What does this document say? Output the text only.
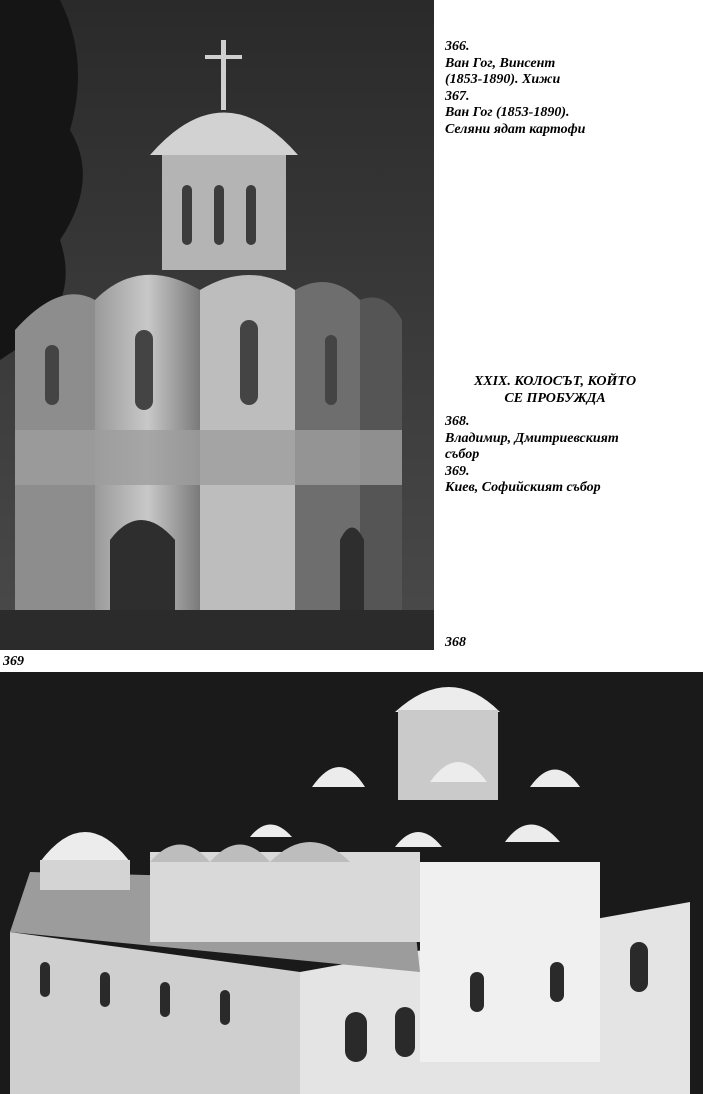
366.
Ван Гог, Винсент
(1853-1890). Хижи
367.
Ван Гог (1853-1890).
Селяни ядат картофи
XXIX. КОЛОСЪТ, КОЙТО
СЕ ПРОБУЖДА
368.
Владимир, Дмитриевският
събор
369.
Киев, Софийският събор
368
369
